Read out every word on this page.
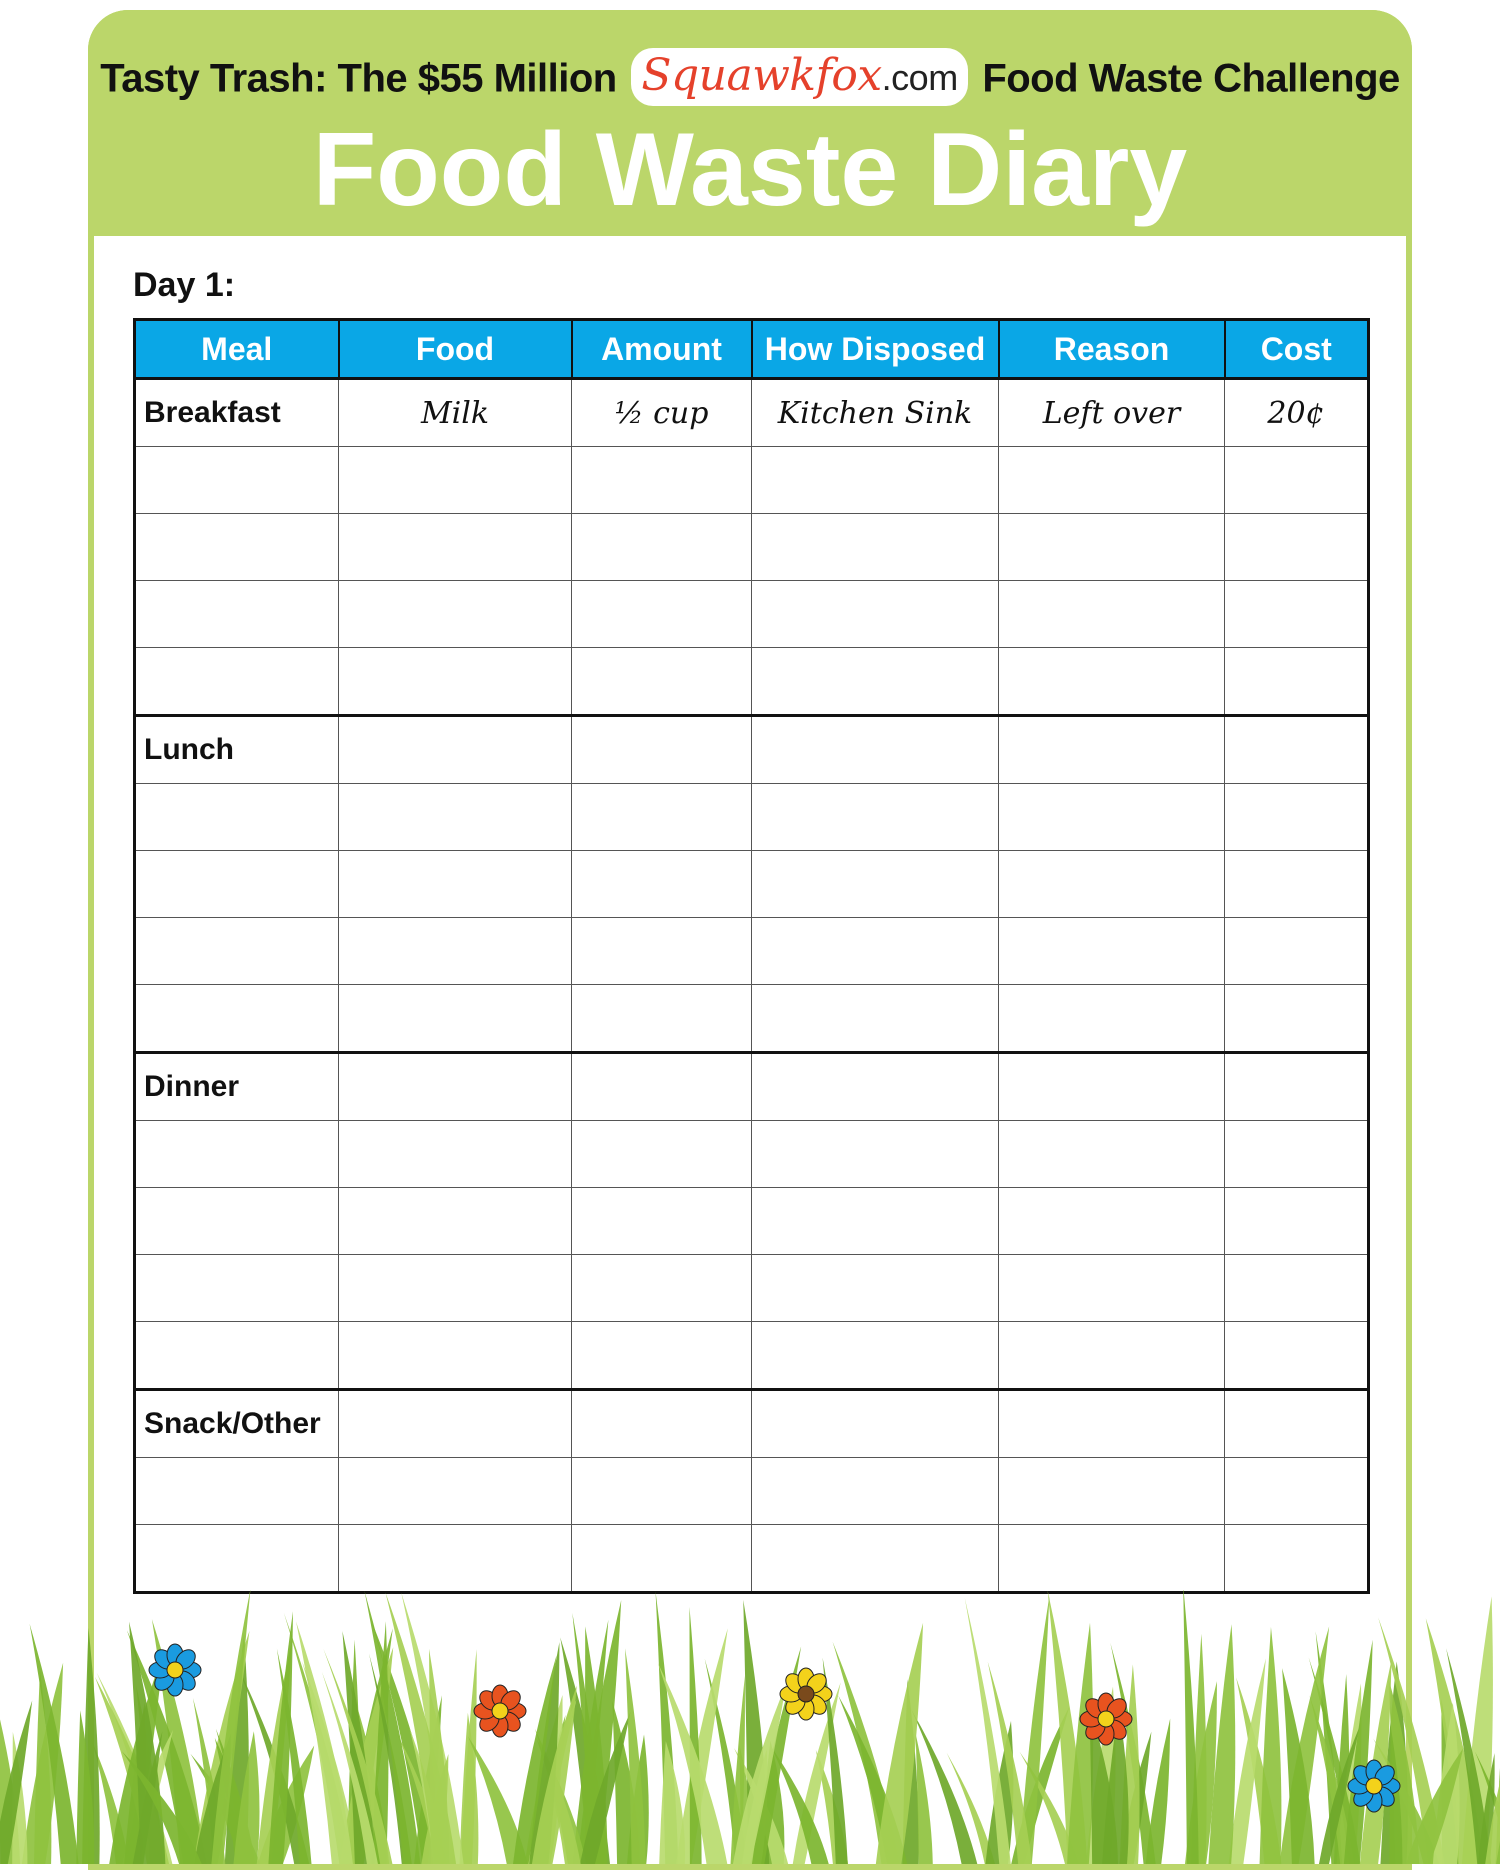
Tasty Trash: The $55 Million Squawkfox.com Food Waste Challenge
Food Waste Diary
Day 1:
Meal	Food	Amount	How Disposed	Reason	Cost
Breakfast	Milk	½ cup	Kitchen Sink	Left over	20¢

Lunch					

Dinner					

Snack/Other					
